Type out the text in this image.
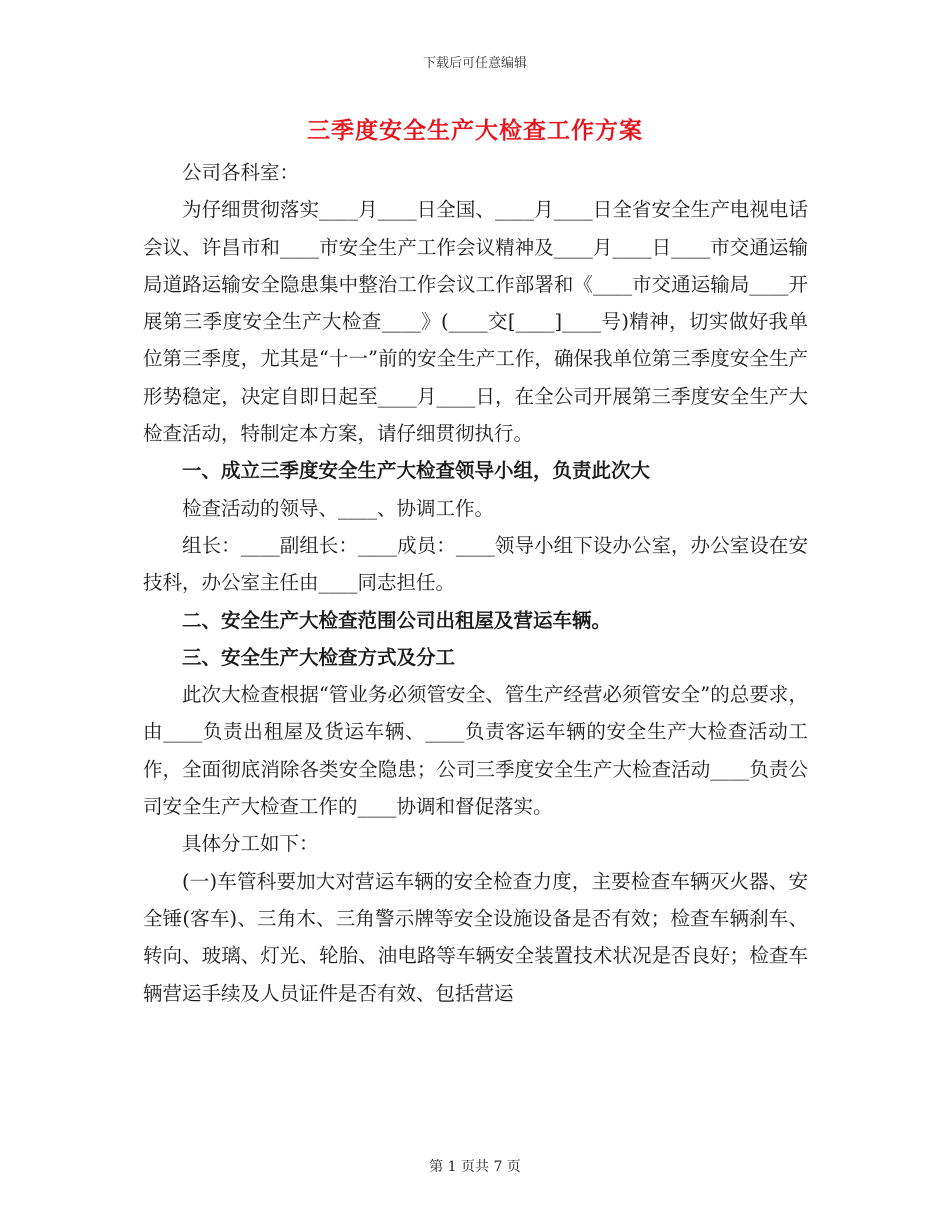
下载后可任意编辑
三季度安全生产大检查工作方案

公司各科室：

为仔细贯彻落实____月____日全国、____月____日全省安全生产电视电话会议、许昌市和____市安全生产工作会议精神及____月____日____市交通运输局道路运输安全隐患集中整治工作会议工作部署和《____市交通运输局____开展第三季度安全生产大检查____》(____交[____]____号)精神，切实做好我单位第三季度，尤其是“十一”前的安全生产工作，确保我单位第三季度安全生产形势稳定，决定自即日起至____月____日，在全公司开展第三季度安全生产大检查活动，特制定本方案，请仔细贯彻执行。

一、成立三季度安全生产大检查领导小组，负责此次大

检查活动的领导、____、协调工作。

组长：____副组长：____成员：____领导小组下设办公室，办公室设在安技科，办公室主任由____同志担任。

二、安全生产大检查范围公司出租屋及营运车辆。

三、安全生产大检查方式及分工

此次大检查根据“管业务必须管安全、管生产经营必须管安全”的总要求，由____负责出租屋及货运车辆、____负责客运车辆的安全生产大检查活动工作，全面彻底消除各类安全隐患；公司三季度安全生产大检查活动____负责公司安全生产大检查工作的____协调和督促落实。

具体分工如下：

(一)车管科要加大对营运车辆的安全检查力度，主要检查车辆灭火器、安全锤(客车)、三角木、三角警示牌等安全设施设备是否有效；检查车辆刹车、转向、玻璃、灯光、轮胎、油电路等车辆安全装置技术状况是否良好；检查车辆营运手续及人员证件是否有效、包括营运

第 1 页共 7 页
